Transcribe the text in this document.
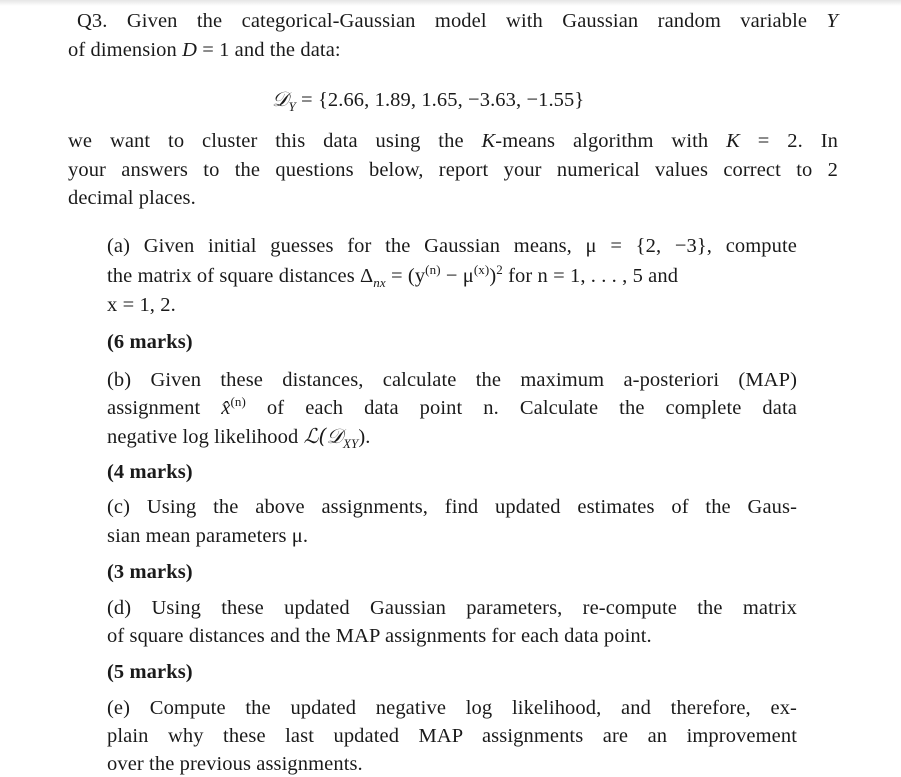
Q3. Given the categorical-Gaussian model with Gaussian random variable Y
of dimension D = 1 and the data:
𝒟$_Y$ = {2.66, 1.89, 1.65, −3.63, −1.55}
we want to cluster this data using the K-means algorithm with K = 2. In
your answers to the questions below, report your numerical values correct to 2
decimal places.
(a) Given initial guesses for the Gaussian means, μ = {2, −3}, compute
the matrix of square distances $\Delta_{nx} = (y^{(n)} - \mu^{(x)})^2$ for n = 1, . . . , 5 and
x = 1, 2.
(6 marks)
(b) Given these distances, calculate the maximum a-posteriori (MAP)
assignment x̂$^{(n)}$ of each data point n. Calculate the complete data
negative log likelihood ℒ(𝒟$_{XY}$).
(4 marks)
(c) Using the above assignments, find updated estimates of the Gaus-
sian mean parameters μ.
(3 marks)
(d) Using these updated Gaussian parameters, re-compute the matrix
of square distances and the MAP assignments for each data point.
(5 marks)
(e) Compute the updated negative log likelihood, and therefore, ex-
plain why these last updated MAP assignments are an improvement
over the previous assignments.
